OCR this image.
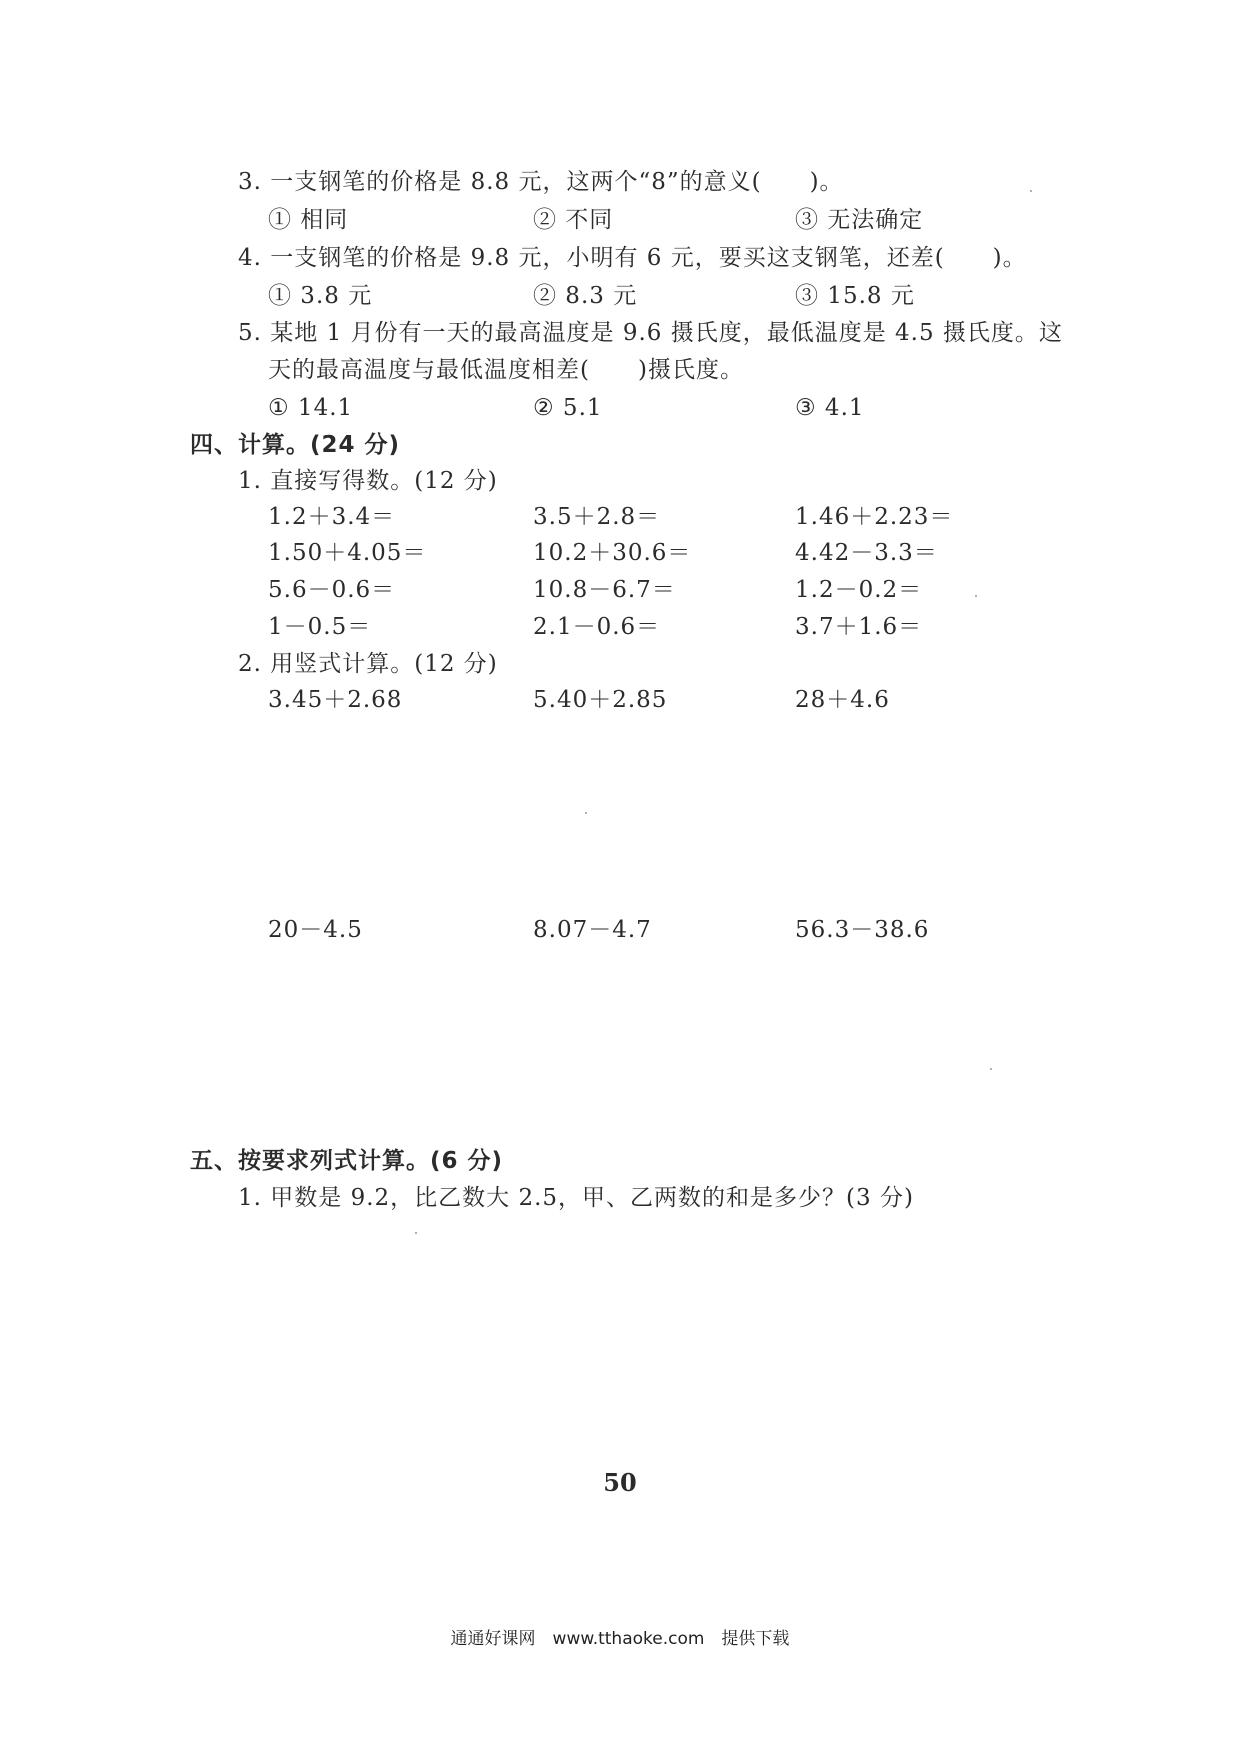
3. 一支钢笔的价格是 8.8 元，这两个“8”的意义(　　)。
① 相同	② 不同	③ 无法确定
4. 一支钢笔的价格是 9.8 元，小明有 6 元，要买这支钢笔，还差(　　)。
① 3.8 元	② 8.3 元	③ 15.8 元
5. 某地 1 月份有一天的最高温度是 9.6 摄氏度，最低温度是 4.5 摄氏度。这
天的最高温度与最低温度相差(　　)摄氏度。
① 14.1	② 5.1	③ 4.1
四、计算。(24 分)
1. 直接写得数。(12 分)
1.2＋3.4＝	3.5＋2.8＝	1.46＋2.23＝
1.50＋4.05＝	10.2＋30.6＝	4.42－3.3＝
5.6－0.6＝	10.8－6.7＝	1.2－0.2＝
1－0.5＝	2.1－0.6＝	3.7＋1.6＝
2. 用竖式计算。(12 分)
3.45＋2.68	5.40＋2.85	28＋4.6
20－4.5	8.07－4.7	56.3－38.6
五、按要求列式计算。(6 分)
1. 甲数是 9.2，比乙数大 2.5，甲、乙两数的和是多少？(3 分)
50
通通好课网　www.tthaoke.com　提供下载
